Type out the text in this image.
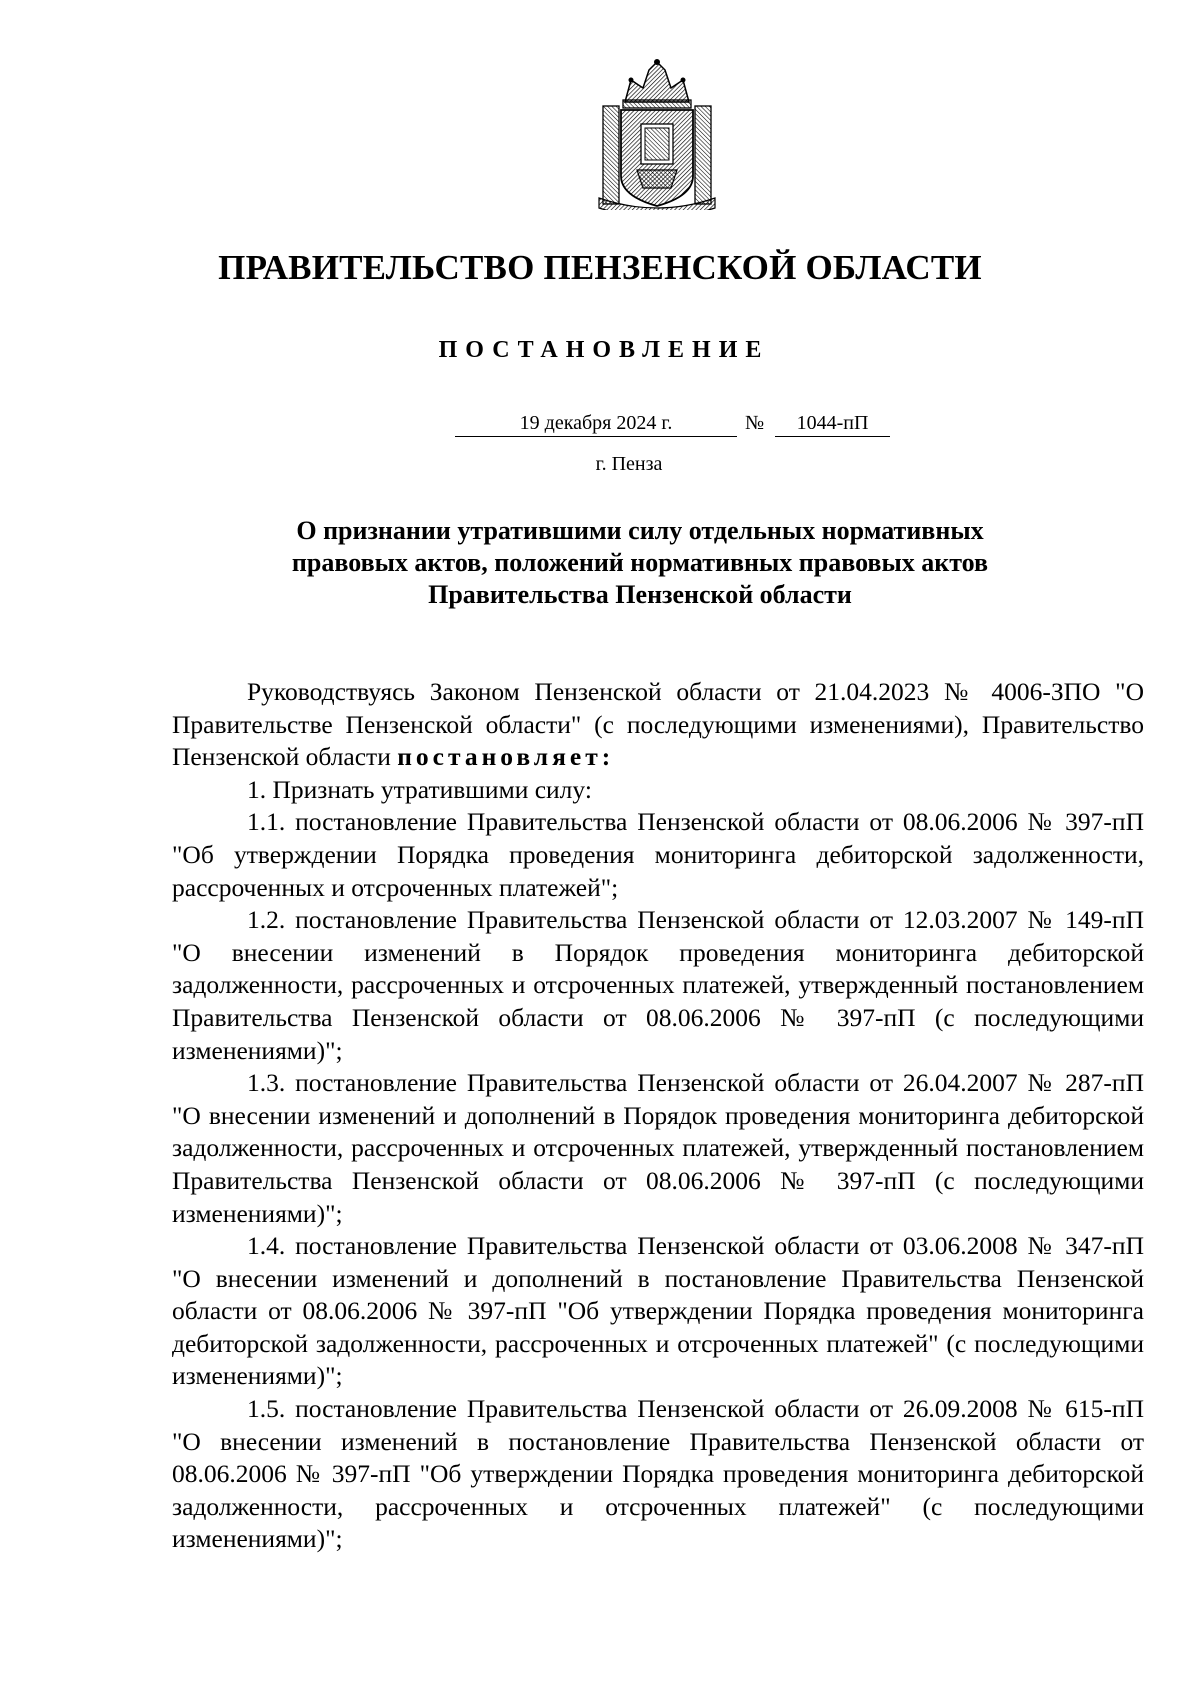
ПРАВИТЕЛЬСТВО ПЕНЗЕНСКОЙ ОБЛАСТИ
ПОСТАНОВЛЕНИЕ
19 декабря 2024 г.	№	1044-пП
г. Пенза
О признании утратившими силу отдельных нормативных правовых актов, положений нормативных правовых актов Правительства Пензенской области

Руководствуясь Законом Пензенской области от 21.04.2023 № 4006-ЗПО "О Правительстве Пензенской области" (с последующими изменениями), Правительство Пензенской области постановляет:

1. Признать утратившими силу:

1.1. постановление Правительства Пензенской области от 08.06.2006 № 397-пП "Об утверждении Порядка проведения мониторинга дебиторской задолженности, рассроченных и отсроченных платежей";

1.2. постановление Правительства Пензенской области от 12.03.2007 № 149-пП "О внесении изменений в Порядок проведения мониторинга дебиторской задолженности, рассроченных и отсроченных платежей, утвержденный постановлением Правительства Пензенской области от 08.06.2006 № 397-пП (с последующими изменениями)";

1.3. постановление Правительства Пензенской области от 26.04.2007 № 287-пП "О внесении изменений и дополнений в Порядок проведения мониторинга дебиторской задолженности, рассроченных и отсроченных платежей, утвержденный постановлением Правительства Пензенской области от 08.06.2006 № 397-пП (с последующими изменениями)";

1.4. постановление Правительства Пензенской области от 03.06.2008 № 347-пП "О внесении изменений и дополнений в постановление Правительства Пензенской области от 08.06.2006 № 397-пП "Об утверждении Порядка проведения мониторинга дебиторской задолженности, рассроченных и отсроченных платежей" (с последующими изменениями)";

1.5. постановление Правительства Пензенской области от 26.09.2008 № 615-пП "О внесении изменений в постановление Правительства Пензенской области от 08.06.2006 № 397-пП "Об утверждении Порядка проведения мониторинга дебиторской задолженности, рассроченных и отсроченных платежей" (с последующими изменениями)";
